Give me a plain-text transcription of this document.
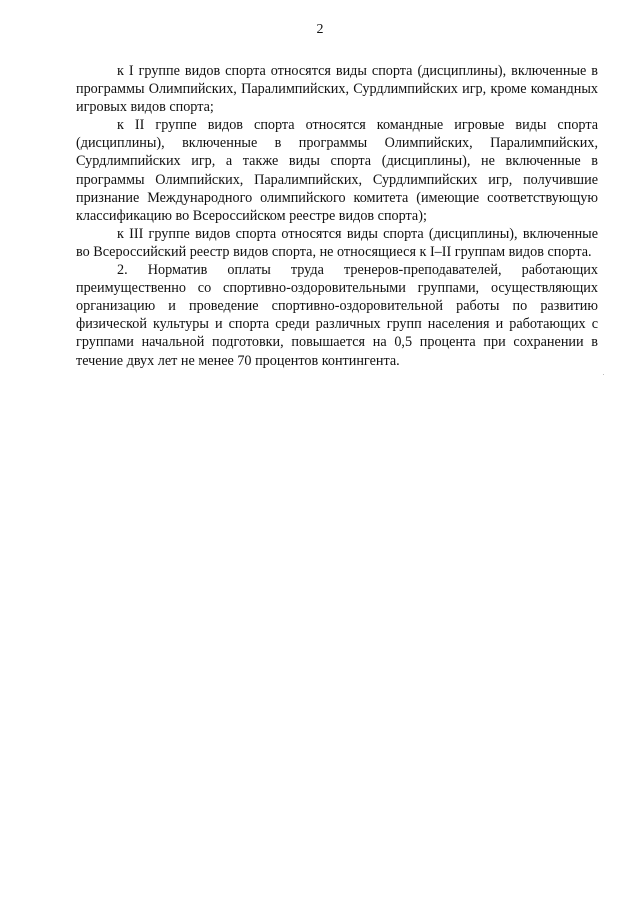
2

к I группе видов спорта относятся виды спорта (дисциплины), включенные в программы Олимпийских, Паралимпийских, Сурдлимпийских игр, кроме командных игровых видов спорта;

к II группе видов спорта относятся командные игровые виды спорта (дисциплины), включенные в программы Олимпийских, Паралимпийских, Сурдлимпийских игр, а также виды спорта (дисциплины), не включенные в программы Олимпийских, Паралимпийских, Сурдлимпийских игр, получившие признание Международного олимпийского комитета (имеющие соответствующую классификацию во Всероссийском реестре видов спорта);

к III группе видов спорта относятся виды спорта (дисциплины), включенные во Всероссийский реестр видов спорта, не относящиеся к I–II группам видов спорта.

2. Норматив оплаты труда тренеров-преподавателей, работающих преимущественно со спортивно-оздоровительными группами, осуществляющих организацию и проведение спортивно-оздоровительной работы по развитию физической культуры и спорта среди различных групп населения и работающих с группами начальной подготовки, повышается на 0,5 процента при сохранении в течение двух лет не менее 70 процентов контингента.
